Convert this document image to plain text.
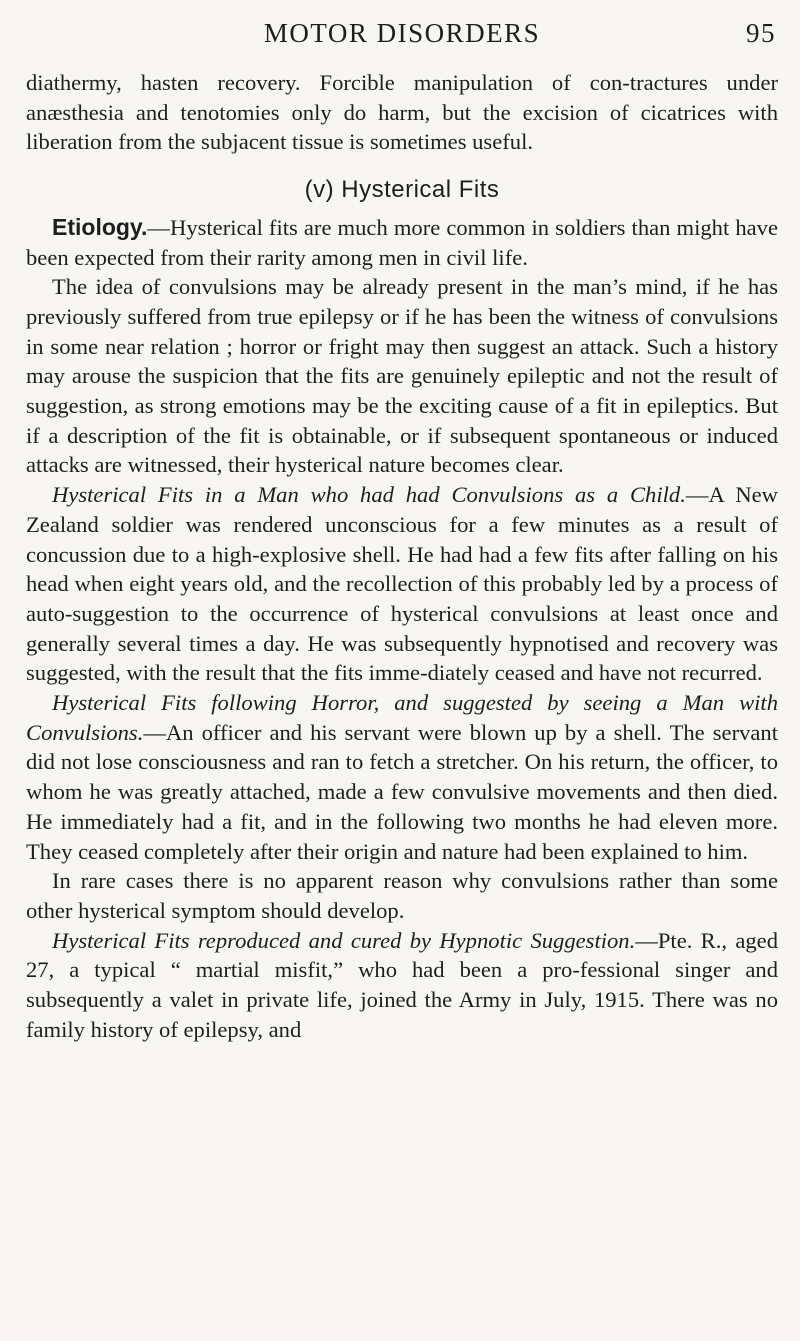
MOTOR DISORDERS	95

diathermy, hasten recovery. Forcible manipulation of con-tractures under anæsthesia and tenotomies only do harm, but the excision of cicatrices with liberation from the subjacent tissue is sometimes useful.

(v) Hysterical Fits

Etiology.—Hysterical fits are much more common in soldiers than might have been expected from their rarity among men in civil life.

The idea of convulsions may be already present in the man’s mind, if he has previously suffered from true epilepsy or if he has been the witness of convulsions in some near relation ; horror or fright may then suggest an attack. Such a history may arouse the suspicion that the fits are genuinely epileptic and not the result of suggestion, as strong emotions may be the exciting cause of a fit in epileptics. But if a description of the fit is obtainable, or if subsequent spontaneous or induced attacks are witnessed, their hysterical nature becomes clear.

Hysterical Fits in a Man who had had Convulsions as a Child.—A New Zealand soldier was rendered unconscious for a few minutes as a result of concussion due to a high-explosive shell. He had had a few fits after falling on his head when eight years old, and the recollection of this probably led by a process of auto-suggestion to the occurrence of hysterical convulsions at least once and generally several times a day. He was subsequently hypnotised and recovery was suggested, with the result that the fits imme-diately ceased and have not recurred.

Hysterical Fits following Horror, and suggested by seeing a Man with Convulsions.—An officer and his servant were blown up by a shell. The servant did not lose consciousness and ran to fetch a stretcher. On his return, the officer, to whom he was greatly attached, made a few convulsive movements and then died. He immediately had a fit, and in the following two months he had eleven more. They ceased completely after their origin and nature had been explained to him.

In rare cases there is no apparent reason why convulsions rather than some other hysterical symptom should develop.

Hysterical Fits reproduced and cured by Hypnotic Suggestion.—Pte. R., aged 27, a typical “ martial misfit,” who had been a pro-fessional singer and subsequently a valet in private life, joined the Army in July, 1915. There was no family history of epilepsy, and
